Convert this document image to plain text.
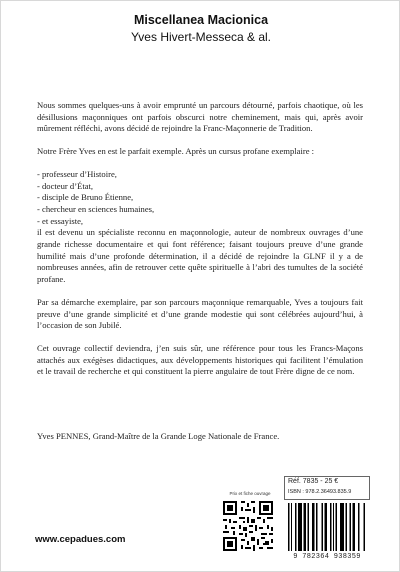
Miscellanea Macionica
Yves Hivert-Messeca & al.

Nous sommes quelques-uns à avoir emprunté un parcours détourné, parfois chaotique, où les désillusions maçonniques ont parfois obscurci notre cheminement, mais qui, après avoir mûrement réfléchi, avons décidé de rejoindre la Franc-Maçonnerie de Tradition.

Notre Frère Yves en est le parfait exemple. Après un cursus profane exemplaire :

- professeur d’Histoire,
- docteur d’État,
- disciple de Bruno Étienne,
- chercheur en sciences humaines,
- et essayiste,
il est devenu un spécialiste reconnu en maçonnologie, auteur de nombreux ouvrages d’une grande richesse documentaire et qui font référence; faisant toujours preuve d’une grande humilité mais d’une profonde détermination, il a décidé de rejoindre la GLNF il y a de nombreuses années, afin de retrouver cette quête spirituelle à l’abri des tumultes de la société profane.

Par sa démarche exemplaire, par son parcours maçonnique remarquable, Yves a toujours fait preuve d’une grande simplicité et d’une grande modestie qui sont célébrées aujourd’hui, à l’occasion de son Jubilé.

Cet ouvrage collectif deviendra, j’en suis sûr, une référence pour tous les Francs-Maçons attachés aux exégèses didactiques, aux développements historiques qui facilitent l’émulation et le travail de recherche et qui constituent la pierre angulaire de tout Frère digne de ce nom.

Yves PENNES, Grand-Maître de la Grande Loge Nationale de France.
Réf. 7835 - 25 €
ISBN : 978.2.36493.835.9
Prix et fiche ouvrage
9 782364 938359
www.cepadues.com
